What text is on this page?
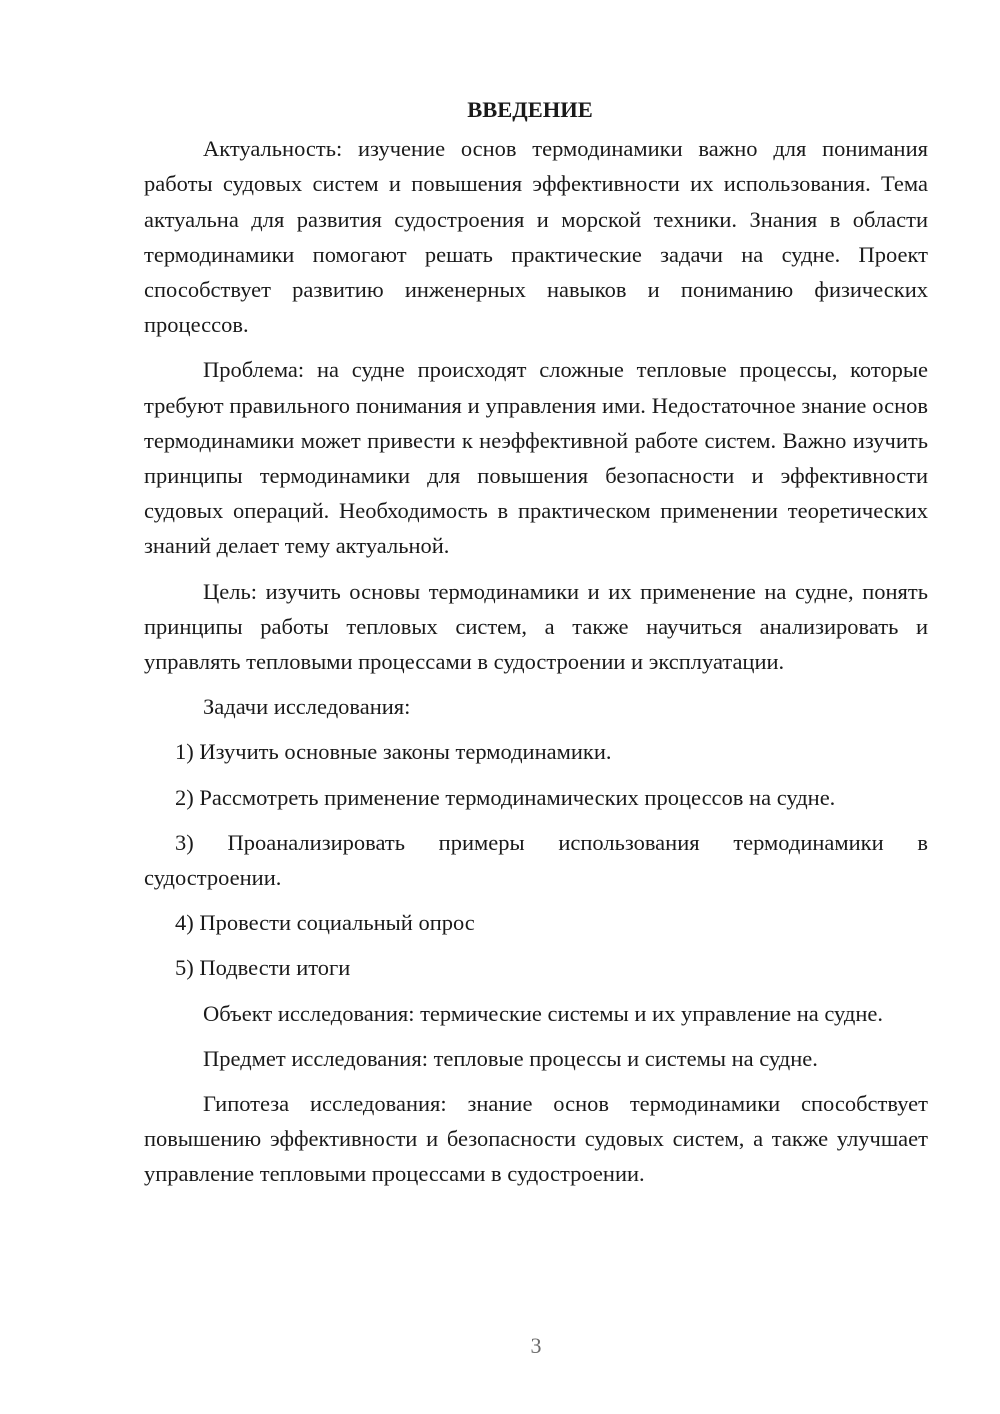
ВВЕДЕНИЕ

Актуальность: изучение основ термодинамики важно для понимания работы судовых систем и повышения эффективности их использования. Тема актуальна для развития судостроения и морской техники. Знания в области термодинамики помогают решать практические задачи на судне. Проект способствует развитию инженерных навыков и пониманию физических процессов.

Проблема: на судне происходят сложные тепловые процессы, которые требуют правильного понимания и управления ими. Недостаточное знание основ термодинамики может привести к неэффективной работе систем. Важно изучить принципы термодинамики для повышения безопасности и эффективности судовых операций. Необходимость в практическом применении теоретических знаний делает тему актуальной.

Цель: изучить основы термодинамики и их применение на судне, понять принципы работы тепловых систем, а также научиться анализировать и управлять тепловыми процессами в судостроении и эксплуатации.

Задачи исследования:

1) Изучить основные законы термодинамики.

2) Рассмотреть применение термодинамических процессов на судне.

3) Проанализировать примеры использования термодинамики в судостроении.

4) Провести социальный опрос

5) Подвести итоги

Объект исследования: термические системы и их управление на судне.

Предмет исследования: тепловые процессы и системы на судне.

Гипотеза исследования: знание основ термодинамики способствует повышению эффективности и безопасности судовых систем, а также улучшает управление тепловыми процессами в судостроении.

3
